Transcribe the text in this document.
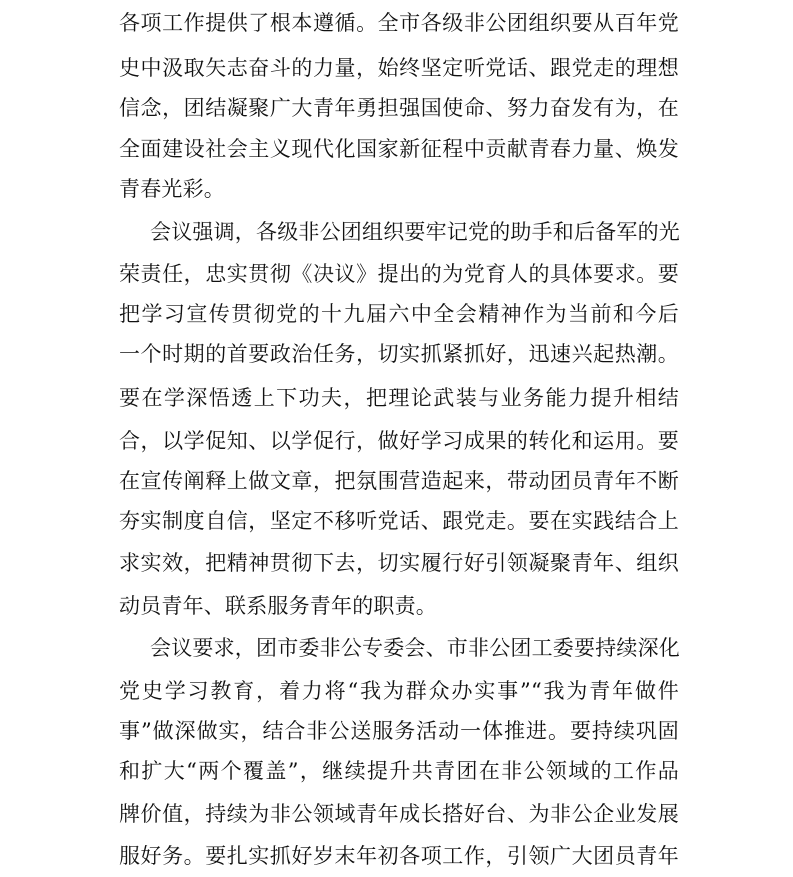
各项工作提供了根本遵循。全市各级非公团组织要从百年党
史中汲取矢志奋斗的力量，始终坚定听党话、跟党走的理想
信念，团结凝聚广大青年勇担强国使命、努力奋发有为，在
全面建设社会主义现代化国家新征程中贡献青春力量、焕发
青春光彩。
会议强调，各级非公团组织要牢记党的助手和后备军的光
荣责任，忠实贯彻《决议》提出的为党育人的具体要求。要
把学习宣传贯彻党的十九届六中全会精神作为当前和今后
一个时期的首要政治任务，切实抓紧抓好，迅速兴起热潮。
要在学深悟透上下功夫，把理论武装与业务能力提升相结
合，以学促知、以学促行，做好学习成果的转化和运用。要
在宣传阐释上做文章，把氛围营造起来，带动团员青年不断
夯实制度自信，坚定不移听党话、跟党走。要在实践结合上
求实效，把精神贯彻下去，切实履行好引领凝聚青年、组织
动员青年、联系服务青年的职责。
会议要求，团市委非公专委会、市非公团工委要持续深化
党史学习教育，着力将“我为群众办实事”“我为青年做件
事”做深做实，结合非公送服务活动一体推进。要持续巩固
和扩大“两个覆盖”，继续提升共青团在非公领域的工作品
牌价值，持续为非公领域青年成长搭好台、为非公企业发展
服好务。要扎实抓好岁末年初各项工作，引领广大团员青年
